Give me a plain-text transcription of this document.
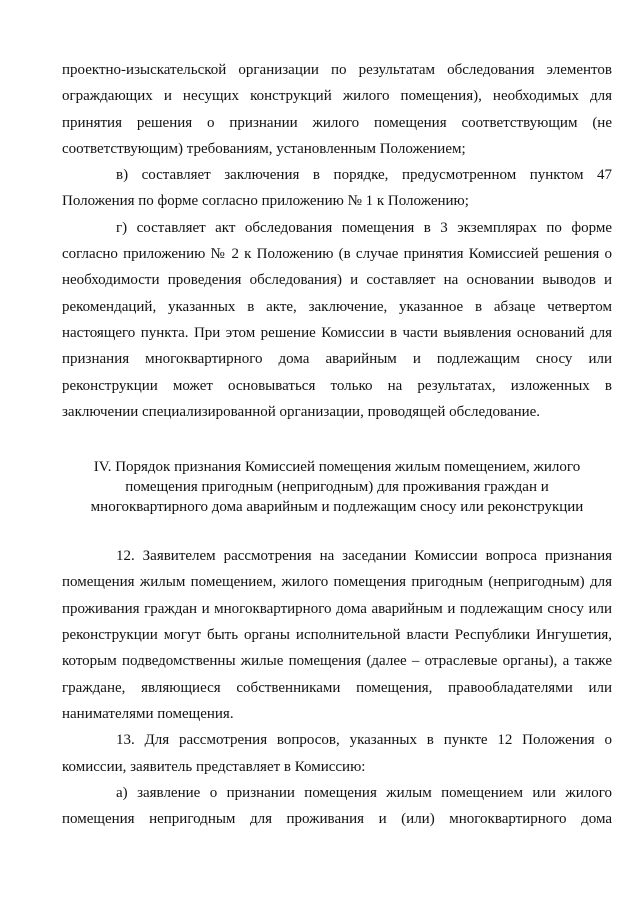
проектно-изыскательской организации по результатам обследования элементов ограждающих и несущих конструкций жилого помещения), необходимых для принятия решения о признании жилого помещения соответствующим (не соответствующим) требованиям, установленным Положением;

в) составляет заключения в порядке, предусмотренном пунктом 47 Положения по форме согласно приложению № 1 к Положению;

г) составляет акт обследования помещения в 3 экземплярах по форме согласно приложению № 2 к Положению (в случае принятия Комиссией решения о необходимости проведения обследования) и составляет на основании выводов и рекомендаций, указанных в акте, заключение, указанное в абзаце четвертом настоящего пункта. При этом решение Комиссии в части выявления оснований для признания многоквартирного дома аварийным и подлежащим сносу или реконструкции может основываться только на результатах, изложенных в заключении специализированной организации, проводящей обследование.

IV. Порядок признания Комиссией помещения жилым помещением, жилого помещения пригодным (непригодным) для проживания граждан и многоквартирного дома аварийным и подлежащим сносу или реконструкции

12. Заявителем рассмотрения на заседании Комиссии вопроса признания помещения жилым помещением, жилого помещения пригодным (непригодным) для проживания граждан и многоквартирного дома аварийным и подлежащим сносу или реконструкции могут быть органы исполнительной власти Республики Ингушетия, которым подведомственны жилые помещения (далее – отраслевые органы), а также граждане, являющиеся собственниками помещения, правообладателями или нанимателями помещения.

13. Для рассмотрения вопросов, указанных в пункте 12 Положения о комиссии, заявитель представляет в Комиссию:

а) заявление о признании помещения жилым помещением или жилого помещения непригодным для проживания и (или) многоквартирного дома
